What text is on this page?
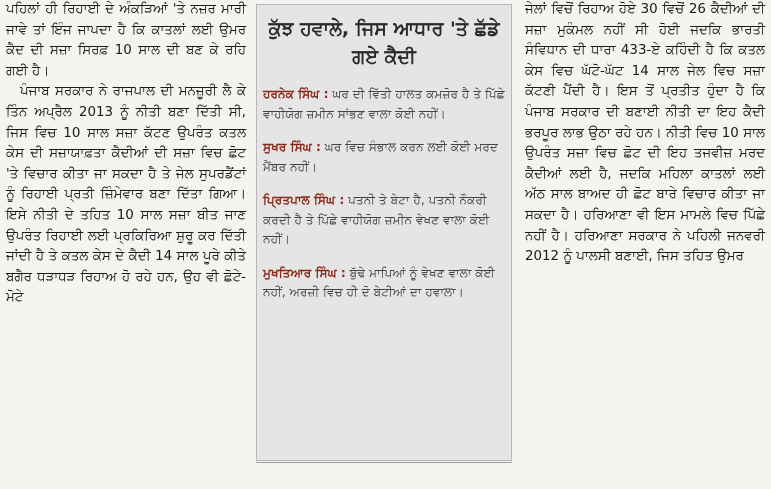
ਪਹਿਲਾਂ ਹੀ ਰਿਹਾਈ ਦੇ ਅੰਕੜਿਆਂ 'ਤੇ ਨਜ਼ਰ ਮਾਰੀ ਜਾਵੇ ਤਾਂ ਇੰਜ ਜਾਪਦਾ ਹੈ ਕਿ ਕਾਤਲਾਂ ਲਈ ਉਮਰ ਕੈਦ ਦੀ ਸਜ਼ਾ ਸਿਰਫ਼ 10 ਸਾਲ ਦੀ ਬਣ ਕੇ ਰਹਿ ਗਈ ਹੈ।

ਪੰਜਾਬ ਸਰਕਾਰ ਨੇ ਰਾਜਪਾਲ ਦੀ ਮਨਜ਼ੂਰੀ ਲੈ ਕੇ ਤਿੰਨ ਅਪ੍ਰੈਲ 2013 ਨੂੰ ਨੀਤੀ ਬਣਾ ਦਿੱਤੀ ਸੀ, ਜਿਸ ਵਿਚ 10 ਸਾਲ ਸਜ਼ਾ ਕੱਟਣ ਉਪਰੰਤ ਕਤਲ ਕੇਸ ਦੀ ਸਜ਼ਾਯਾਫ਼ਤਾ ਕੈਦੀਆਂ ਦੀ ਸਜ਼ਾ ਵਿਚ ਛੋਟ 'ਤੇ ਵਿਚਾਰ ਕੀਤਾ ਜਾ ਸਕਦਾ ਹੈ ਤੇ ਜੇਲ ਸੁਪਰਡੈਂਟਾਂ ਨੂੰ ਰਿਹਾਈ ਪ੍ਰਤੀ ਜ਼ਿੰਮੇਵਾਰ ਬਣਾ ਦਿੱਤਾ ਗਿਆ। ਇਸੇ ਨੀਤੀ ਦੇ ਤਹਿਤ 10 ਸਾਲ ਸਜ਼ਾ ਬੀਤ ਜਾਣ ਉਪਰੰਤ ਰਿਹਾਈ ਲਈ ਪ੍ਰਕਿਰਿਆ ਸ਼ੁਰੂ ਕਰ ਦਿੱਤੀ ਜਾਂਦੀ ਹੈ ਤੇ ਕਤਲ ਕੇਸ ਦੇ ਕੈਦੀ 14 ਸਾਲ ਪੂਰੇ ਕੀਤੇ ਬਗੈਰ ਧੜਾਧੜ ਰਿਹਾਅ ਹੋ ਰਹੇ ਹਨ, ਉਹ ਵੀ ਛੋਟੇ-ਮੋਟੇ

ਕੁੱਝ ਹਵਾਲੇ, ਜਿਸ ਆਧਾਰ 'ਤੇ ਛੱਡੇ ਗਏ ਕੈਦੀ
ਹਰਨੇਕ ਸਿੰਘ : ਘਰ ਦੀ ਵਿੱਤੀ ਹਾਲਤ ਕਮਜ਼ੋਰ ਹੈ ਤੇ ਪਿੱਛੇ ਵਾਹੀਯੋਗ ਜ਼ਮੀਨ ਸਾਂਭਣ ਵਾਲਾ ਕੋਈ ਨਹੀਂ।
ਸੁਖਰ ਸਿੰਘ : ਘਰ ਵਿਚ ਸੰਭਾਲ ਕਰਨ ਲਈ ਕੋਈ ਮਰਦ ਮੈਂਬਰ ਨਹੀਂ।
ਪ੍ਰਿਤਪਾਲ ਸਿੰਘ : ਪਤਨੀ ਤੇ ਬੇਟਾ ਹੈ, ਪਤਨੀ ਨੌਕਰੀ ਕਰਦੀ ਹੈ ਤੇ ਪਿੱਛੇ ਵਾਹੀਯੋਗ ਜ਼ਮੀਨ ਵੇਖਣ ਵਾਲਾ ਕੋਈ ਨਹੀਂ।
ਮੁਖਤਿਆਰ ਸਿੰਘ : ਬੁੱਢੇ ਮਾਪਿਆਂ ਨੂੰ ਵੇਖਣ ਵਾਲਾ ਕੋਈ ਨਹੀਂ, ਅਰਜ਼ੀ ਵਿਚ ਹੀ ਦੋ ਬੇਟੀਆਂ ਦਾ ਹਵਾਲਾ।

ਜੇਲਾਂ ਵਿਚੋਂ ਰਿਹਾਅ ਹੋਏ 30 ਵਿਚੋਂ 26 ਕੈਦੀਆਂ ਦੀ ਸਜ਼ਾ ਮੁਕੰਮਲ ਨਹੀਂ ਸੀ ਹੋਈ ਜਦਕਿ ਭਾਰਤੀ ਸੰਵਿਧਾਨ ਦੀ ਧਾਰਾ 433-ਏ ਕਹਿੰਦੀ ਹੈ ਕਿ ਕਤਲ ਕੇਸ ਵਿਚ ਘੱਟੋ-ਘੱਟ 14 ਸਾਲ ਜੇਲ ਵਿਚ ਸਜ਼ਾ ਕੱਟਣੀ ਪੈਂਦੀ ਹੈ। ਇਸ ਤੋਂ ਪ੍ਰਤੀਤ ਹੁੰਦਾ ਹੈ ਕਿ ਪੰਜਾਬ ਸਰਕਾਰ ਦੀ ਬਣਾਈ ਨੀਤੀ ਦਾ ਇਹ ਕੈਦੀ ਭਰਪੂਰ ਲਾਭ ਉਠਾ ਰਹੇ ਹਨ। ਨੀਤੀ ਵਿਚ 10 ਸਾਲ ਉਪਰੰਤ ਸਜ਼ਾ ਵਿਚ ਛੋਟ ਦੀ ਇਹ ਤਜਵੀਜ਼ ਮਰਦ ਕੈਦੀਆਂ ਲਈ ਹੈ, ਜਦਕਿ ਮਹਿਲਾ ਕਾਤਲਾਂ ਲਈ ਅੱਠ ਸਾਲ ਬਾਅਦ ਹੀ ਛੋਟ ਬਾਰੇ ਵਿਚਾਰ ਕੀਤਾ ਜਾ ਸਕਦਾ ਹੈ। ਹਰਿਆਣਾ ਵੀ ਇਸ ਮਾਮਲੇ ਵਿਚ ਪਿੱਛੇ ਨਹੀਂ ਹੈ। ਹਰਿਆਣਾ ਸਰਕਾਰ ਨੇ ਪਹਿਲੀ ਜਨਵਰੀ 2012 ਨੂੰ ਪਾਲਸੀ ਬਣਾਈ, ਜਿਸ ਤਹਿਤ ਉਮਰ
